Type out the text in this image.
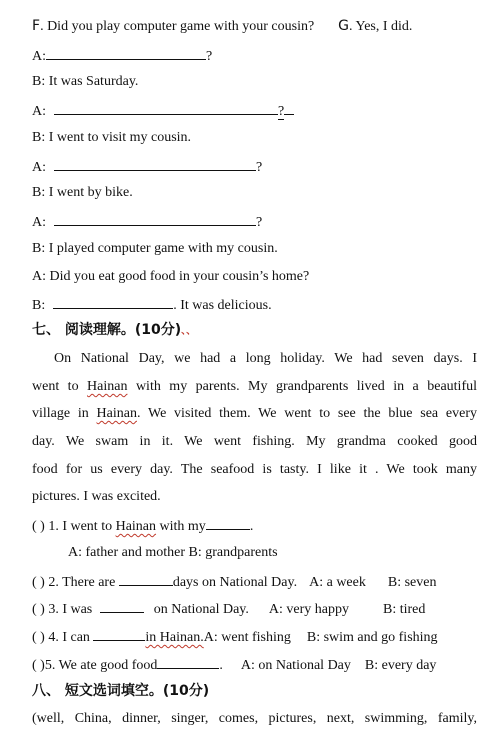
F. Did you play computer game with your cousin? G. Yes, I did.
A:	?
B: It was Saturday.
A:	?
B: I went to visit my cousin.
A:	?
B: I went by bike.
A:	?
B: I played computer game with my cousin.
A: Did you eat good food in your cousin’s home?
B:	. It was delicious.
七、 阅读理解。(10分)、、
On National Day, we had a long holiday. We had seven days. I
went to Hainan with my parents. My grandparents lived in a beautiful
village in Hainan. We visited them. We went to see the blue sea every
day. We swam in it. We went fishing. My grandma cooked good
food for us every day. The seafood is tasty. I like it . We took many
pictures. I was excited.
( ) 1. I went to Hainan with my	.
A: father and mother B: grandparents
( ) 2. There are	days on National Day. A: a week B: seven
( ) 3. I was	on National Day. A: very happy B: tired
( ) 4. I can	in Hainan.A: went fishing B: swim and go fishing
( )5. We ate good food	. A: on National Day B: every day
八、 短文选词填空。(10分)
(well, China, dinner, singer, comes, pictures, next, swimming, family,
